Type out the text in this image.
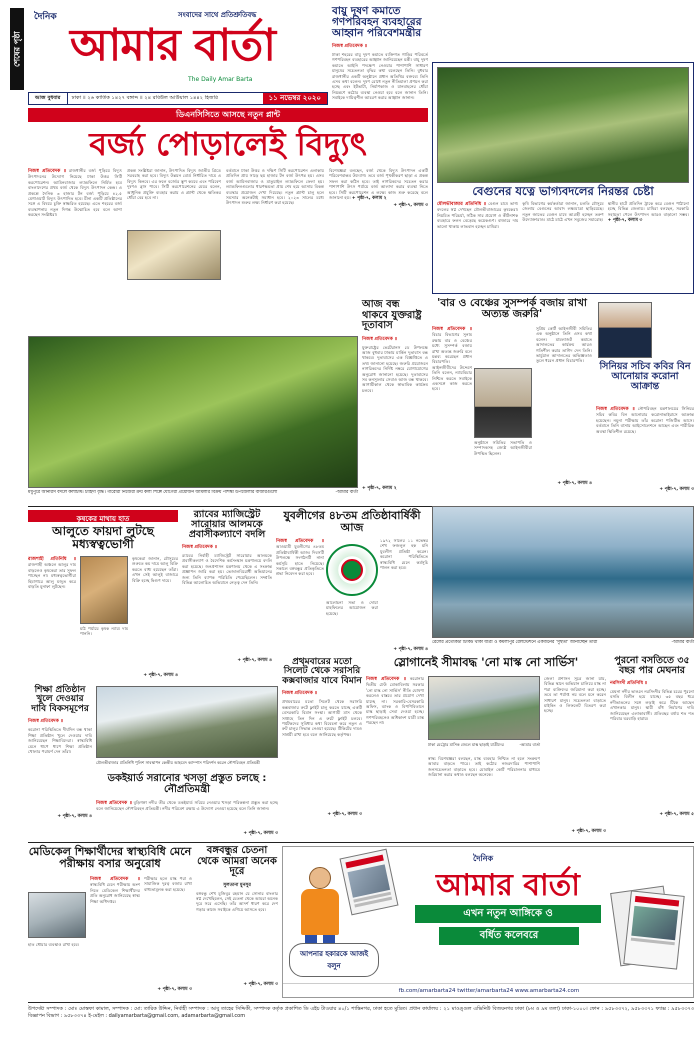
শেষের পৃষ্ঠা
দৈনিক	সংবাদের সাথে প্রতিশ্রুতিবদ্ধ
আমার বার্তা
The Daily Amar Barta
আজ বুধবার	ঢাকা ॥ ২৬ কার্তিক ১৪২৭ বঙ্গাব্দ ॥ ২৪ রবিউল আউয়াল ১৪৪২ হিজরি	১১ নভেম্বর ২০২০
বায়ু দূষণ কমাতে গণপরিবহন ব্যবহারের আহ্বান পরিবেশমন্ত্রীর
নিজস্ব প্রতিবেদক ॥
ঢাকা শহরের বায়ু দূষণ কমাতে ব্যক্তিগত গাড়ির পরিবর্তে গণপরিবহন ব্যবহারের আহ্বান জানিয়েছেন মন্ত্রী। বায়ু দূষণ কমাতে আইনি পদক্ষেপ নেওয়ার পাশাপাশি সাধারণ মানুষের সচেতনতা বৃদ্ধির কথা বলেছেন তিনি। বুধবার রাজধানীর একটি অনুষ্ঠানে প্রধান অতিথির বক্তব্যে তিনি এসব কথা বলেন। দূষণ রোধে নতুন নীতিমালা প্রণয়ন করা হচ্ছে এবং ইটভাটা, নির্মাণকাজ ও যানবাহনের ধোঁয়া নিয়ন্ত্রণে কঠোর ব্যবস্থা নেওয়া হবে বলে জানান তিনি। সবাইকে দায়িত্বশীল আচরণ করার আহ্বান জানান।
+ পৃষ্ঠা-৭, কলাম ৩
বেগুনের যত্নে ভাগ্যবদলের নিরন্তর চেষ্টা
মৌলভীবাজার প্রতিনিধি ॥ বেগুন চাষে ভাগ্য বদলের স্বপ্ন দেখছেন মৌলভীবাজারের কৃষকেরা। নিয়মিত পরিচর্যা, সঠিক সার প্রয়োগ ও কীটনাশক ব্যবহারে ফলন বেড়েছে কয়েকগুণ। বাজারে দাম ভালো থাকায় লাভবান হচ্ছেন চাষিরা।
কৃষি বিভাগের কর্মকর্তারা জানান, চলতি মৌসুমে জেলায় বেগুনের আবাদ লক্ষ্যমাত্রা ছাড়িয়েছে। নতুন জাতের বেগুন চাষে আগ্রহী হচ্ছেন তরুণ উদ্যোক্তারাও। মাঠে মাঠে এখন সবুজের সমারোহ।
স্থানীয় হাটে প্রতিদিন ট্রাকে করে বেগুন পাঠানো হচ্ছে বিভিন্ন জেলায়। চাষিরা বলছেন, সরকারি সহায়তা পেলে উৎপাদন আরও বাড়ানো সম্ভব। + পৃষ্ঠা-৭, কলাম ৩
ডিএনসিসিতে আসছে নতুন প্লান্ট
বর্জ্য পোড়ালেই বিদ্যুৎ
নিজস্ব প্রতিবেদক ॥ রাজধানীর বর্জ্য পুড়িয়ে বিদ্যুৎ উৎপাদনের উদ্যোগ নিয়েছে ঢাকা উত্তর সিটি করপোরেশন। আমিনবাজার ল্যান্ডফিলে নির্মিত হবে বাংলাদেশের প্রথম বর্জ্য থেকে বিদ্যুৎ উৎপাদন কেন্দ্র। এ প্রকল্পে দৈনিক ৩ হাজার টন বর্জ্য পুড়িয়ে ৪২.৫ মেগাওয়াট বিদ্যুৎ উৎপাদিত হবে। চীনা একটি প্রতিষ্ঠানের সঙ্গে এ বিষয়ে চুক্তি স্বাক্ষরিত হয়েছে। এতে শহরের বর্জ্য ব্যবস্থাপনায় নতুন দিগন্ত উন্মোচিত হবে বলে আশা করছেন সংশ্লিষ্টরা।
প্রকল্প সংশ্লিষ্টরা জানান, উৎপাদিত বিদ্যুৎ জাতীয় গ্রিডে সরবরাহ করা হবে। বিদ্যুৎ উন্নয়ন বোর্ড নির্ধারিত দামে এ বিদ্যুৎ কিনবে। এর ফলে বর্জ্যের স্তূপ কমবে এবং পরিবেশ দূষণও হ্রাস পাবে। সিটি করপোরেশনের মেয়র বলেন, আধুনিক প্রযুক্তি ব্যবহার করায় এ প্ল্যান্ট থেকে ক্ষতিকর ধোঁয়া বের হবে না।
বর্তমানে ঢাকা উত্তর ও দক্ষিণ সিটি করপোরেশন এলাকায় প্রতিদিন প্রায় সাড়ে ছয় হাজার টন বর্জ্য উৎপন্ন হয়। এসব বর্জ্য আমিনবাজার ও মাতুয়াইল ল্যান্ডফিলে ফেলা হয়। ল্যান্ডফিলগুলোর ধারণক্ষমতা প্রায় শেষ হয়ে আসায় বিকল্প ব্যবস্থার প্রয়োজন দেখা দিয়েছে। নতুন প্ল্যান্ট চালু হলে সমস্যার অনেকটাই সমাধান হবে। ২০২৩ সালের মধ্যে উৎপাদন শুরুর লক্ষ্য নির্ধারণ করা হয়েছে।
বিশেষজ্ঞরা বলছেন, বর্জ্য থেকে বিদ্যুৎ উৎপাদন একটি পরিবেশবান্ধব উদ্যোগ। তবে বর্জ্য পৃথকীকরণ ছাড়া এ প্রকল্প সফল করা কঠিন হবে। তাই নাগরিকদের সচেতন করার পাশাপাশি উৎস পর্যায়ে বর্জ্য আলাদা করার ব্যবস্থা নিতে হবে। সিটি করপোরেশন এ লক্ষ্যে কাজ শুরু করেছে বলে জানানো হয়। + পৃষ্ঠা-৭, কলাম ২
মধুপুরে আনারস বদলে কলাচাষ। চাহিদা বৃদ্ধি। গারোরা নিজেরা ক্রয় কলা শিল্পে যোগেরা প্রয়োজন জামলার বিক্রয় পশিষ্কা উপজেলার বাজারগুলো	-আমার বার্তা
আজ বন্ধ থাকবে যুক্তরাষ্ট্র দূতাবাস
নিজস্ব প্রতিবেদক ॥
যুক্তরাষ্ট্রের ভেটেরানস ডে উপলক্ষে আজ বুধবার ঢাকায় মার্কিন দূতাবাস বন্ধ থাকবে। দূতাবাসের এক বিজ্ঞপ্তিতে এ তথ্য জানানো হয়েছে। জরুরি প্রয়োজনে নাগরিকদের নির্দিষ্ট নম্বরে যোগাযোগের অনুরোধ জানানো হয়েছে। দূতাবাসের সব কনস্যুলার সেবাও আজ বন্ধ থাকবে। আগামীকাল থেকে স্বাভাবিক কার্যক্রম চলবে।
+ পৃষ্ঠা-৭, কলাম ২
'বার ও বেঞ্চের সুসম্পর্ক বজায় রাখা অত্যন্ত জরুরি'
নিজস্ব প্রতিবেদক ॥ বিচার বিভাগের সুনাম রক্ষায় বার ও বেঞ্চের মধ্যে সুসম্পর্ক বজায় রাখা অত্যন্ত জরুরি বলে মন্তব্য করেছেন প্রধান বিচারপতি। আইনজীবীদের উদ্দেশে তিনি বলেন, ন্যায়বিচার নিশ্চিত করতে সবাইকে একসঙ্গে কাজ করতে হবে।
সুপ্রিম কোর্ট আইনজীবী সমিতির এক অনুষ্ঠানে তিনি এসব কথা বলেন। মামলাজট কমাতে আদালতের কার্যক্রম আরও গতিশীল করার তাগিদ দেন তিনি। ভার্চুয়াল আদালতের অভিজ্ঞতাও তুলে ধরেন প্রধান বিচারপতি।
অনুষ্ঠানে সমিতির সভাপতি ও সম্পাদকসহ জ্যেষ্ঠ আইনজীবীরা উপস্থিত ছিলেন।
+ পৃষ্ঠা-৭, কলাম ৪
সিনিয়র সচিব কবির বিন আনোয়ার করোনা আক্রান্ত
নিজস্ব প্রতিবেদক ॥ নৌপরিবহন মন্ত্রণালয়ের সিনিয়র সচিব কবির বিন আনোয়ার করোনাভাইরাসে আক্রান্ত হয়েছেন। নমুনা পরীক্ষায় তাঁর করোনা পজিটিভ আসে। বর্তমানে তিনি বাসায় আইসোলেশনে আছেন এবং শারীরিক অবস্থা স্থিতিশীল রয়েছে।
+ পৃষ্ঠা-৭, কলাম ৩
কৃষকের মাথায় হাত
আলুতে ফায়দা লুটছে মধ্যস্বত্বভোগী
রাজশাহী প্রতিনিধি ॥ রাজশাহী অঞ্চলে আলুর দাম বাড়লেও কৃষকেরা তার সুফল পাচ্ছেন না। মধ্যস্বত্বভোগীরা হিমাগারে আলু মজুত করে বাড়তি মুনাফা লুটছেন।
মাঠ পর্যায়ে কৃষক ন্যায্য দাম পাননি।
কৃষকেরা জানান, মৌসুমের শুরুতে কম দামে আলু বিক্রি করতে বাধ্য হয়েছেন তাঁরা। এখন সেই আলুই বাজারে বিক্রি হচ্ছে দ্বিগুণ দামে।
+ পৃষ্ঠা-৭, কলাম ৪
র‌্যাবের ম্যাজিস্ট্রেট সারোয়ার আলমকে প্রবাসীকল্যাণে বদলি
নিজস্ব প্রতিবেদক ॥
র‌্যাবের নির্বাহী ম্যাজিস্ট্রেট সারোয়ার আলমকে প্রবাসীকল্যাণ ও বৈদেশিক কর্মসংস্থান মন্ত্রণালয়ে বদলি করা হয়েছে। জনপ্রশাসন মন্ত্রণালয় থেকে এ সংক্রান্ত প্রজ্ঞাপন জারি করা হয়। ভেজালবিরোধী অভিযানের জন্য তিনি ব্যাপক পরিচিতি পেয়েছিলেন। সম্প্রতি বিভিন্ন আলোচিত অভিযানে নেতৃত্ব দেন তিনি।
+ পৃষ্ঠা-৭, কলাম ৪
যুবলীগের ৪৮তম প্রতিষ্ঠাবার্ষিকী আজ
নিজস্ব প্রতিবেদক ॥ আওয়ামী যুবলীগের ৪৮তম প্রতিষ্ঠাবার্ষিকী আজ। দিবসটি উপলক্ষে সংগঠনটি নানা কর্মসূচি হাতে নিয়েছে। সকালে বঙ্গবন্ধুর প্রতিকৃতিতে শ্রদ্ধা নিবেদন করা হবে।
১৯৭২ সালের ১১ নভেম্বর শেখ ফজলুল হক মনি যুবলীগ প্রতিষ্ঠা করেন। করোনা পরিস্থিতিতে স্বাস্থ্যবিধি মেনে কর্মসূচি পালন করা হবে।
আলোচনা সভা ও দোয়া মাহফিলের আয়োজন করা হয়েছে।
+ পৃষ্ঠা-৭, কলাম ৪
রেলের প্রত্যেকটা টিকিট থাকা যাত্রী ও কমলাপুর রেলস্টেশনে একজনের 'সুস্থতা' জানাচ্ছেন তাঁরা	-আমার বার্তা
শিক্ষা প্রতিষ্ঠান খুলে দেওয়ার দাবি বিকসমূপের
নিজস্ব প্রতিবেদক ॥
করোনা পরিস্থিতিতে দীর্ঘদিন বন্ধ থাকা শিক্ষা প্রতিষ্ঠান খুলে দেওয়ার দাবি জানিয়েছেন শিক্ষাবিদেরা। স্বাস্থ্যবিধি মেনে ধাপে ধাপে শিক্ষা প্রতিষ্ঠান খোলার পরামর্শ দেন তাঁরা।
+ পৃষ্ঠা-৭, কলাম ৪
মৌলভীবাজার প্রতিনিধি পুলিশ সাবস্থাপন কেন্দ্রীয় আহমেদ ক্যাম্পাস পরিদর্শন করেন নৌপরিবহন প্রতিমন্ত্রী
ডকইয়ার্ড সরানোর খসড়া প্রস্তুত চলছে : নৌপ্রতিমন্ত্রী
নিজস্ব প্রতিবেদক ॥ বুড়িগঙ্গা নদীর তীর থেকে ডকইয়ার্ড সরিয়ে নেওয়ার খসড়া পরিকল্পনা প্রস্তুত করা হচ্ছে বলে জানিয়েছেন নৌপরিবহন প্রতিমন্ত্রী। নদীর পরিবেশ রক্ষায় এ উদ্যোগ নেওয়া হয়েছে বলে তিনি জানান।
+ পৃষ্ঠা-৭, কলাম ৩
প্রথমবারের মতো সিলেট থেকে সরাসরি কক্সবাজার যাবে বিমান
নিজস্ব প্রতিবেদক ॥
প্রথমবারের মতো সিলেট থেকে সরাসরি কক্সবাজার রুটে ফ্লাইট চালু করতে যাচ্ছে একটি বেসরকারি বিমান সংস্থা। আগামী মাস থেকে সপ্তাহে তিন দিন এ রুটে ফ্লাইট চলবে। পর্যটকদের সুবিধার কথা বিবেচনা করে নতুন এ রুট চালুর সিদ্ধান্ত নেওয়া হয়েছে। টিকিটের দামও সাশ্রয়ী রাখা হবে বলে জানিয়েছে কর্তৃপক্ষ।
+ পৃষ্ঠা-৭, কলাম ৩
স্লোগানেই সীমাবদ্ধ 'নো মাস্ক নো সার্ভিস'
নিজস্ব প্রতিবেদক ॥ করোনার দ্বিতীয় ঢেউ মোকাবিলায় সরকার 'নো মাস্ক নো সার্ভিস' নীতি ঘোষণা করলেও বাস্তবে তার প্রয়োগ দেখা যাচ্ছে না। সরকারি-বেসরকারি অফিস, ব্যাংক ও বিপণিবিতানে মাস্ক ছাড়াই সেবা দেওয়া হচ্ছে। গণপরিবহনেও অধিকাংশ যাত্রী মাস্ক পরছেন না।
ঢাকা মেট্রোর মাসিক জেলে মাস্ক ছাড়াই যাত্রীদের	-আমার বার্তা
স্বাস্থ্য বিশেষজ্ঞরা বলছেন, মাস্ক ব্যবহার নিশ্চিত না হলে সংক্রমণ আবার বাড়তে পারে। তাই কঠোর নজরদারির পাশাপাশি জনসচেতনতা বাড়াতে হবে। মোবাইল কোর্ট পরিচালনার মাধ্যমে জরিমানা করার কথাও বলছেন অনেকে।
জেলা প্রশাসন সূত্রে জানা যায়, বিভিন্ন স্থানে অভিযান চালিয়ে মাস্ক না পরা ব্যক্তিদের জরিমানা করা হচ্ছে। তবে তা পর্যাপ্ত নয় বলে মনে করেন সাধারণ মানুষ। সচেতনতা বাড়াতে মাইকিং ও লিফলেট বিতরণ করা হচ্ছে।
+ পৃষ্ঠা-৭, কলাম ৩
পুরনো বসতিতে ৩৫ বছর পার মেঘনার
নরসিংদী প্রতিনিধি ॥
মেঘনা নদীর ভাঙনে নরসিংদীর বিভিন্ন চরের পুরনো বসতি বিলীন হয়ে যাচ্ছে। ৩৫ বছর ধরে নদীভাঙনের সঙ্গে লড়াই করে টিকে আছেন এখানকার মানুষ। স্থায়ী বাঁধ নির্মাণের দাবি জানিয়েছেন এলাকাবাসী। প্রতিবছর বর্ষায় শত শত পরিবার ঘরবাড়ি হারায়।
+ পৃষ্ঠা-৭, কলাম ৫
মেডিকেল শিক্ষার্থীদের স্বাস্থ্যবিধি মেনে পরীক্ষায় বসার অনুরোধ
নিজস্ব প্রতিবেদক ॥ স্বাস্থ্যবিধি মেনে পরীক্ষায় অংশ নিতে মেডিকেল শিক্ষার্থীদের প্রতি অনুরোধ জানিয়েছে স্বাস্থ্য শিক্ষা অধিদপ্তর।
পরীক্ষার হলে মাস্ক পরা ও সামাজিক দূরত্ব বজায় রাখা বাধ্যতামূলক করা হয়েছে।
হাত ধোয়ার ব্যবস্থাও রাখা হবে।
+ পৃষ্ঠা-৭, কলাম ৩
বঙ্গবন্ধুর চেতনা থেকে আমরা অনেক দূরে
সুলতানা মুনসুর
বঙ্গবন্ধু শেখ মুজিবুর রহমান যে সোনার বাংলার স্বপ্ন দেখেছিলেন, সেই চেতনা থেকে আমরা অনেক দূরে সরে এসেছি। তাঁর আদর্শ ধারণ করে দেশ গড়ার কাজে সবাইকে এগিয়ে আসতে হবে।
+ পৃষ্ঠা-৭, কলাম ৩
আপনার হকারকে আজই বলুন
দৈনিক
আমার বার্তা
এখন নতুন আঙ্গিকে ও
বর্ধিত কলেবরে
fb.com/amarbarta24 twitter/amarbarta24 www.amarbarta24.com

উপদেষ্টা সম্পাদক : মোঃ মোস্তফা কামাল, সম্পাদক : মো: তারিক উদ্দিন, নির্বাহী সম্পাদক : আবু তাহের সিদ্দিকী, সম্পাদক কর্তৃক প্রকাশিত ডি এইচ টাওয়ার ৪০/১ শান্তিনগর, ঢাকা হতে মুদ্রিত। প্রধান কার্যালয় : ২১ মাওঙ্গুল এভিনিউ বিজয়নগর ঢাকা (৮ম ও ৯ম তলা) ঢাকা-১০০০। ফোন : ৯৫৮৩৩৭২, ৯৫৮৩৩৭১ ফ্যাক্স : ৯৫৮৩৩৭৩ বিজ্ঞাপন বিভাগ : ৯৫৮৩৩৭৪ ই-মেইল : dailyamarbarta@gmail.com, adamarbarta@gmail.com
